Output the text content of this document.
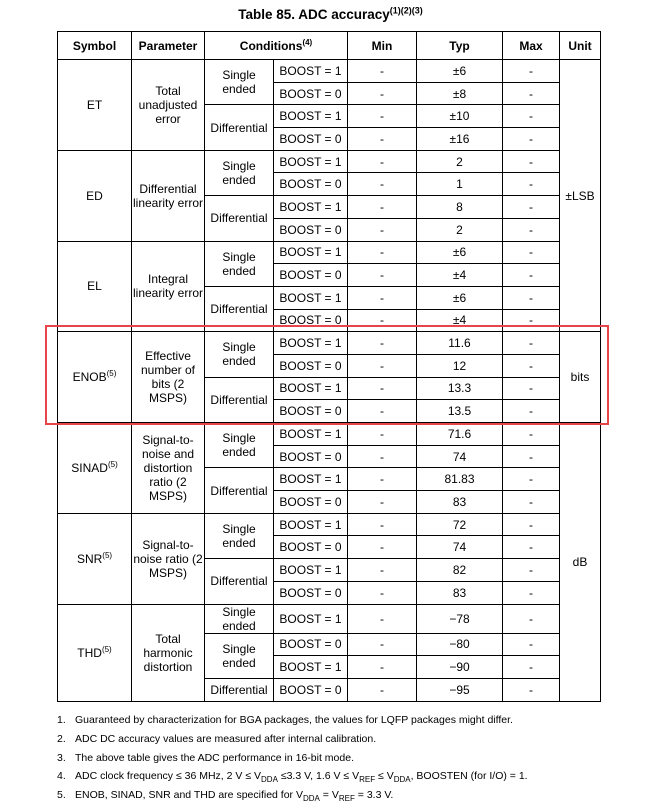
Table 85. ADC accuracy$^{(1)(2)(3)}$
Symbol	Parameter	Conditions$^{(4)}$		Min	Typ	Max	Unit
ET	Total unadjusted error	Single ended	BOOST = 1	-	±6	-	±LSB
			BOOST = 0	-	±8	-	
		Differential	BOOST = 1	-	±10	-	
			BOOST = 0	-	±16	-	
ED	Differential linearity error	Single ended	BOOST = 1	-	2	-	
			BOOST = 0	-	1	-	
		Differential	BOOST = 1	-	8	-	
			BOOST = 0	-	2	-	
EL	Integral linearity error	Single ended	BOOST = 1	-	±6	-	
			BOOST = 0	-	±4	-	
		Differential	BOOST = 1	-	±6	-	
			BOOST = 0	-	±4	-	
ENOB$^{(5)}$	Effective number of bits (2 MSPS)	Single ended	BOOST = 1	-	11.6	-	bits
			BOOST = 0	-	12	-	
		Differential	BOOST = 1	-	13.3	-	
			BOOST = 0	-	13.5	-	
SINAD$^{(5)}$	Signal-to-noise and distortion ratio (2 MSPS)	Single ended	BOOST = 1	-	71.6	-	dB
			BOOST = 0	-	74	-	
		Differential	BOOST = 1	-	81.83	-	
			BOOST = 0	-	83	-	
SNR$^{(5)}$	Signal-to-noise ratio (2 MSPS)	Single ended	BOOST = 1	-	72	-	
			BOOST = 0	-	74	-	
		Differential	BOOST = 1	-	82	-	
			BOOST = 0	-	83	-	
THD$^{(5)}$	Total harmonic distortion	Single ended	BOOST = 1	-	−78	-	
		Single ended	BOOST = 0	-	−80	-	
			BOOST = 1	-	−90	-	
		Differential	BOOST = 0	-	−95	-	
1. Guaranteed by characterization for BGA packages, the values for LQFP packages might differ.
2. ADC DC accuracy values are measured after internal calibration.
3. The above table gives the ADC performance in 16-bit mode.
4. ADC clock frequency ≤ 36 MHz, 2 $V \le V_{DDA} \le 3.3$ V, 1.6 $V \le V_{REF} \le V_{DDA}$, BOOSTEN (for I/O) = 1.
5. ENOB, SINAD, SNR and THD are specified for $V_{DDA} = V_{REF} = 3.3$ V.
